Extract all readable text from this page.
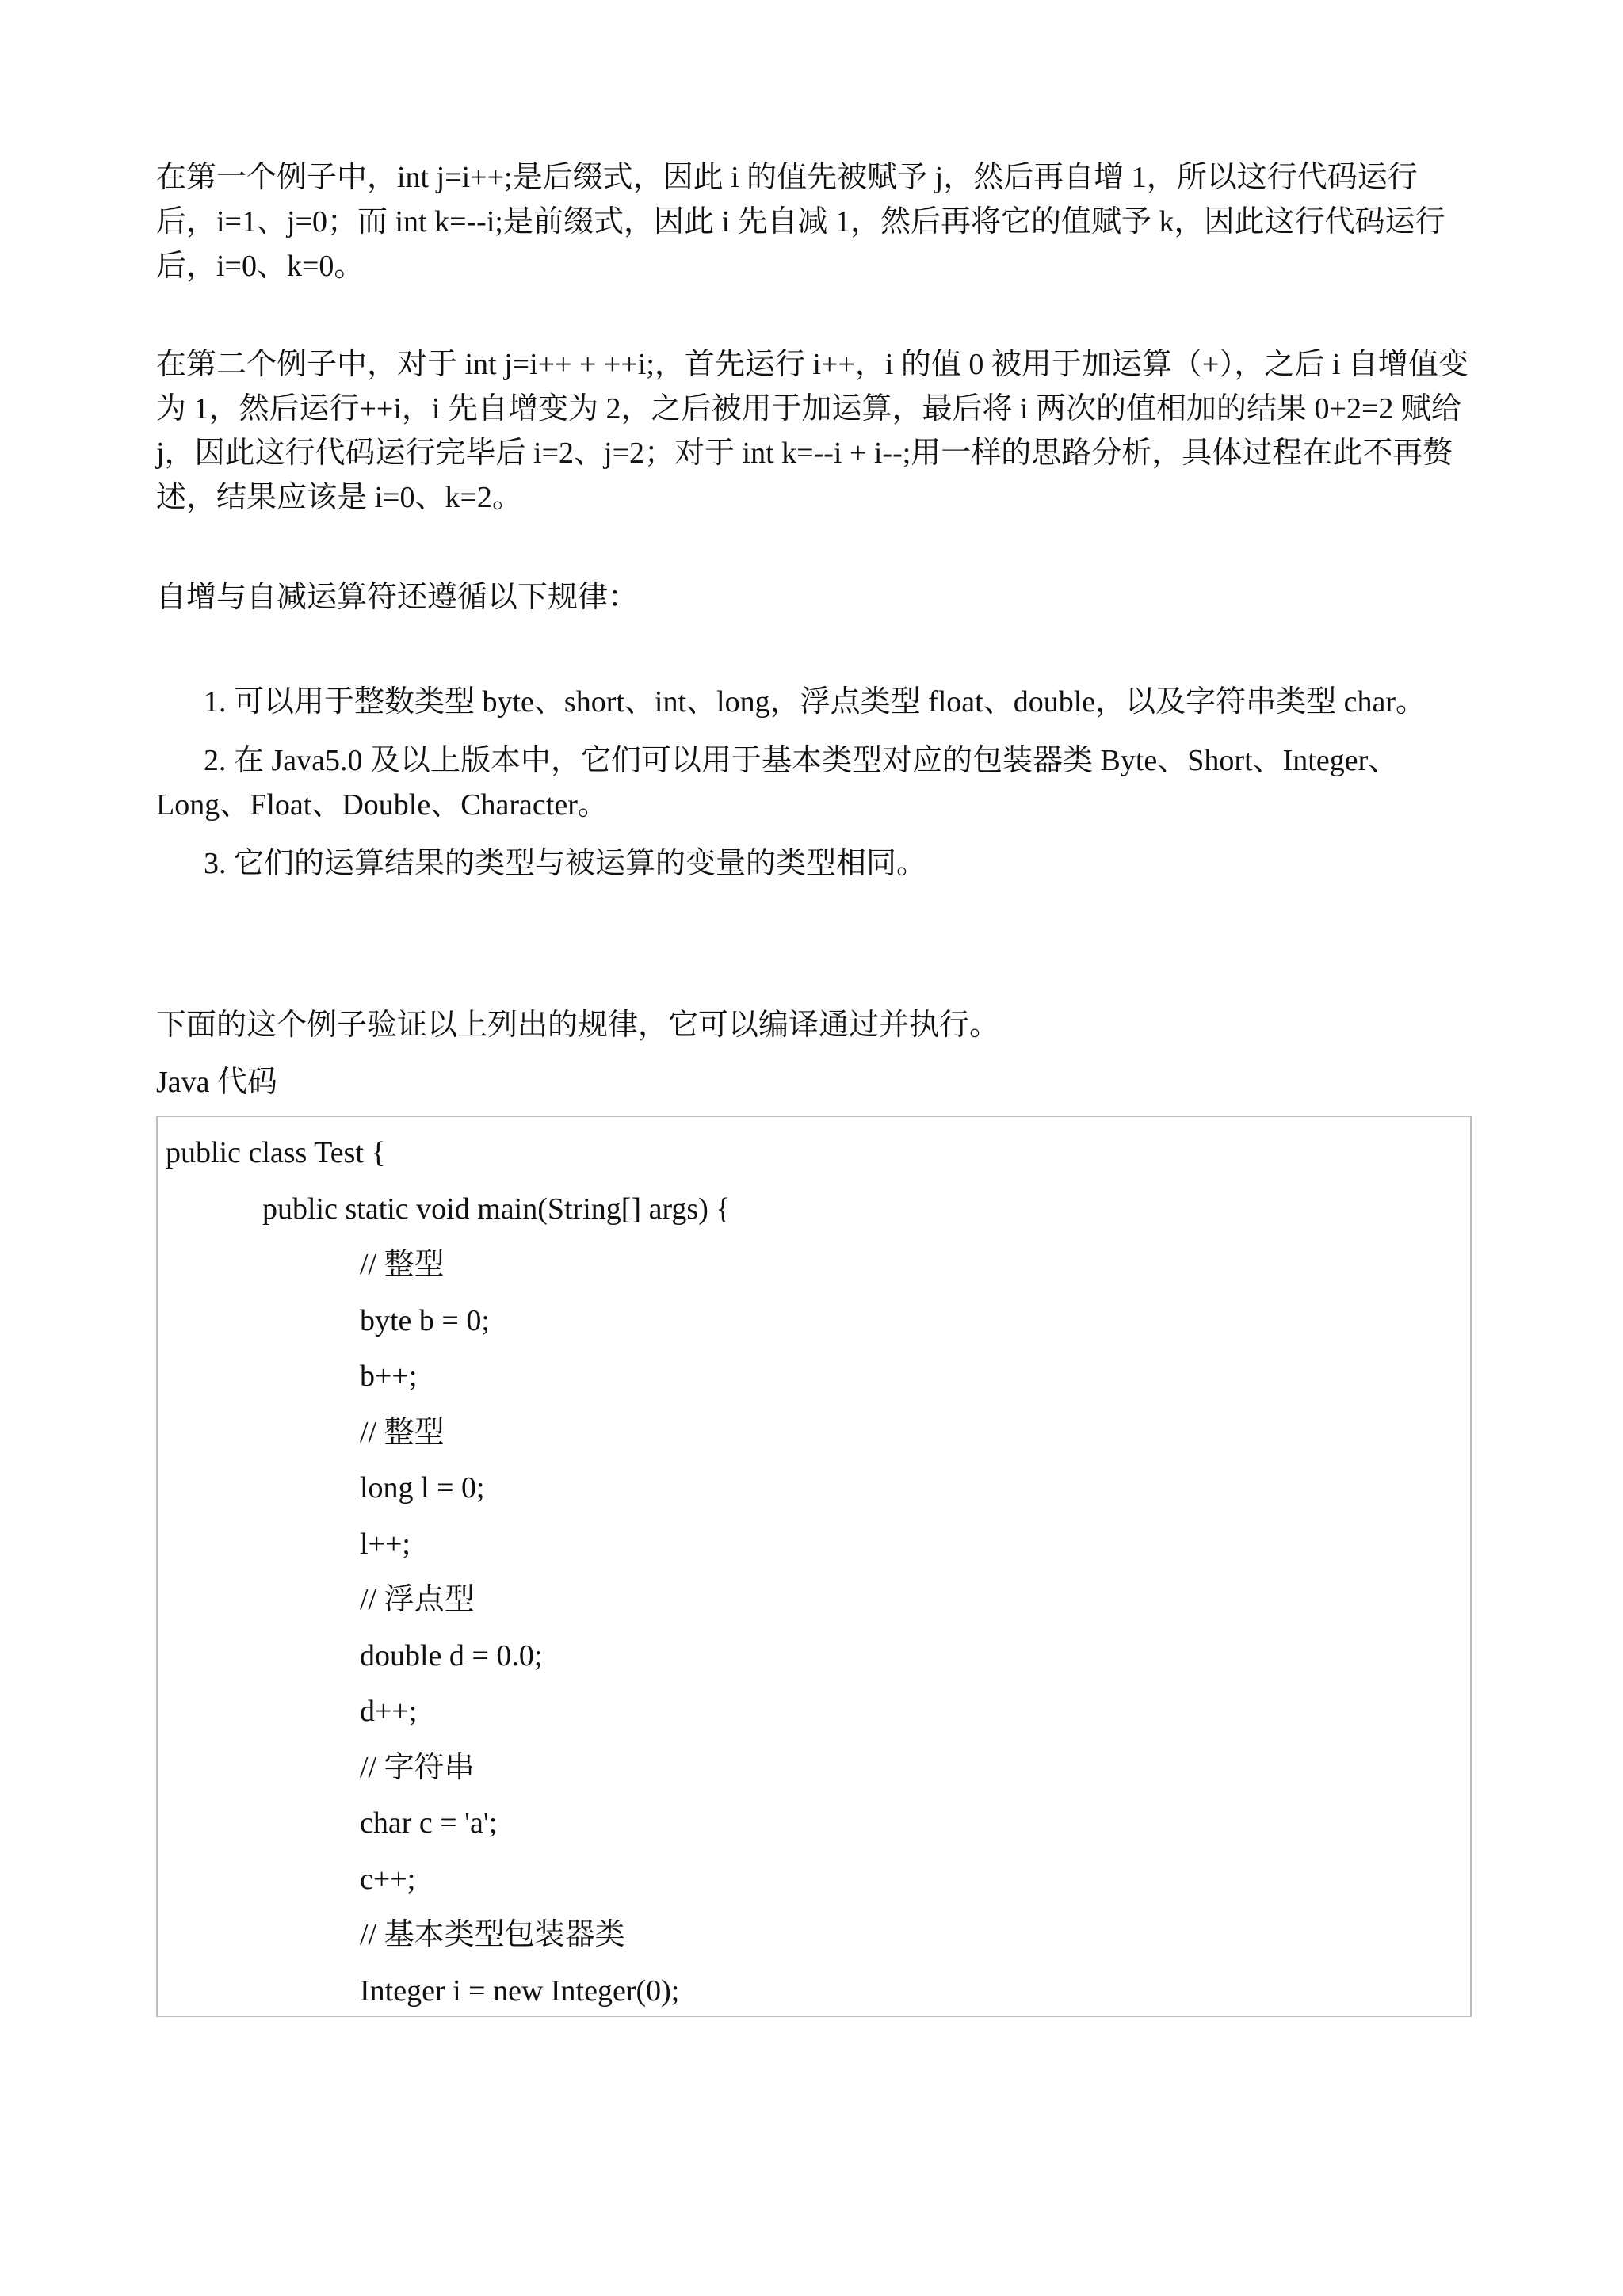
在第一个例子中，int j=i++;是后缀式，因此 i 的值先被赋予 j，然后再自增 1，所以这行代码运行后，i=1、j=0；而 int k=--i;是前缀式，因此 i 先自减 1，然后再将它的值赋予 k，因此这行代码运行后，i=0、k=0。

在第二个例子中，对于 int j=i++ + ++i;，首先运行 i++，i 的值 0 被用于加运算（+），之后 i 自增值变为 1，然后运行++i，i 先自增变为 2，之后被用于加运算，最后将 i 两次的值相加的结果 0+2=2 赋给 j，因此这行代码运行完毕后 i=2、j=2；对于 int k=--i + i--;用一样的思路分析，具体过程在此不再赘述，结果应该是 i=0、k=2。

自增与自减运算符还遵循以下规律：

1. 可以用于整数类型 byte、short、int、long，浮点类型 float、double，以及字符串类型 char。

2. 在 Java5.0 及以上版本中，它们可以用于基本类型对应的包装器类 Byte、Short、Integer、Long、Float、Double、Character。

3. 它们的运算结果的类型与被运算的变量的类型相同。

下面的这个例子验证以上列出的规律，它可以编译通过并执行。

Java 代码

public class Test {

public static void main(String[] args) {

// 整型

byte b = 0;

b++;

// 整型

long l = 0;

l++;

// 浮点型

double d = 0.0;

d++;

// 字符串

char c = 'a';

c++;

// 基本类型包装器类

Integer i = new Integer(0);
